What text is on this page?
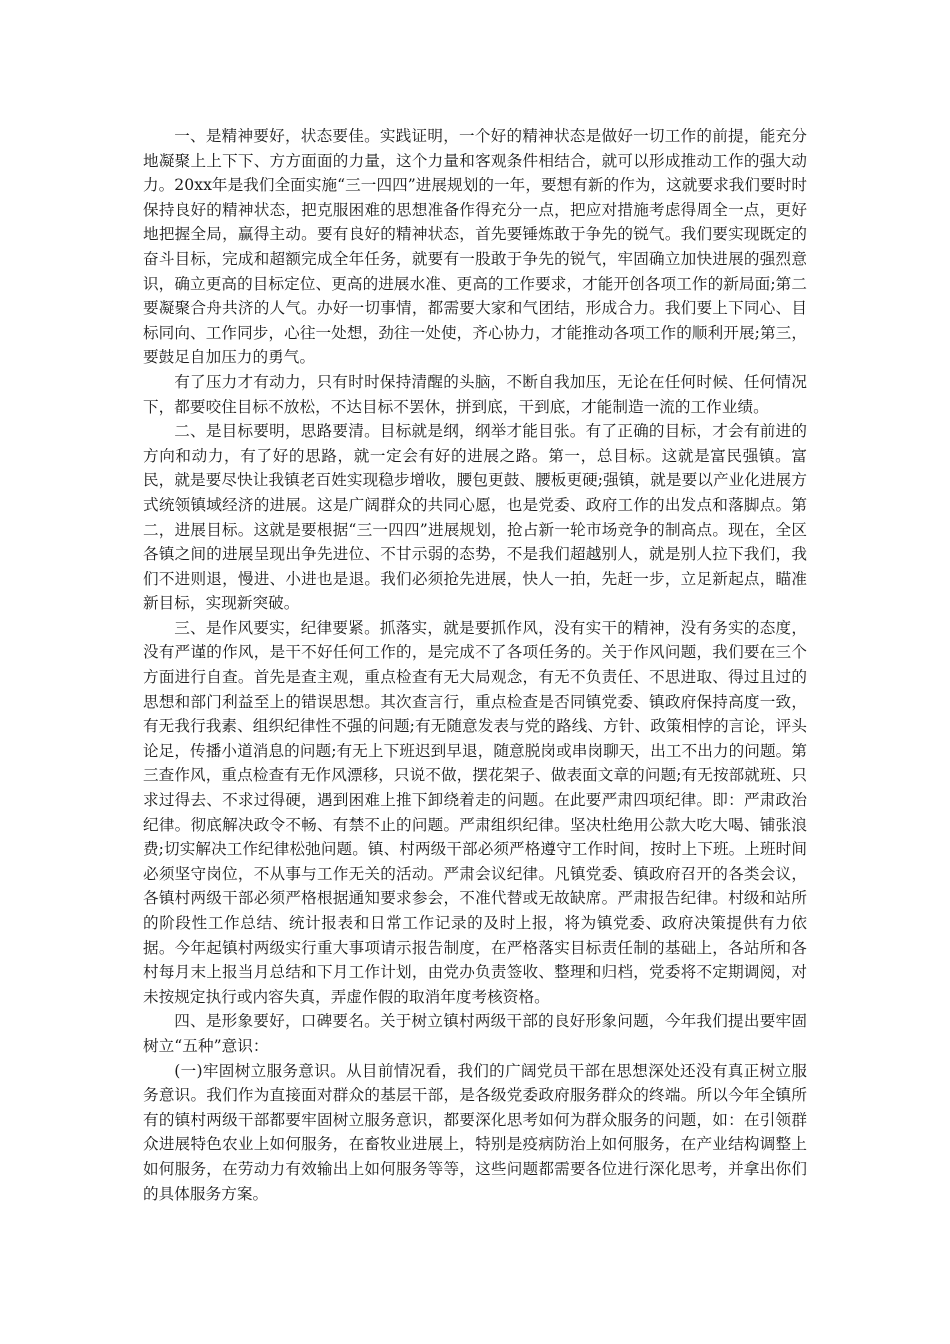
一、是精神要好，状态要佳。实践证明，一个好的精神状态是做好一切工作的前提，能充分地凝聚上上下下、方方面面的力量，这个力量和客观条件相结合，就可以形成推动工作的强大动力。20xx年是我们全面实施“三一四四”进展规划的一年，要想有新的作为，这就要求我们要时时保持良好的精神状态，把克服困难的思想准备作得充分一点，把应对措施考虑得周全一点，更好地把握全局，赢得主动。要有良好的精神状态，首先要锤炼敢于争先的锐气。我们要实现既定的奋斗目标，完成和超额完成全年任务，就要有一股敢于争先的锐气，牢固确立加快进展的强烈意识，确立更高的目标定位、更高的进展水准、更高的工作要求，才能开创各项工作的新局面;第二要凝聚合舟共济的人气。办好一切事情，都需要大家和气团结，形成合力。我们要上下同心、目标同向、工作同步，心往一处想，劲往一处使，齐心协力，才能推动各项工作的顺利开展;第三，要鼓足自加压力的勇气。

有了压力才有动力，只有时时保持清醒的头脑，不断自我加压，无论在任何时候、任何情况下，都要咬住目标不放松，不达目标不罢休，拼到底，干到底，才能制造一流的工作业绩。

二、是目标要明，思路要清。目标就是纲，纲举才能目张。有了正确的目标，才会有前进的方向和动力，有了好的思路，就一定会有好的进展之路。第一，总目标。这就是富民强镇。富民，就是要尽快让我镇老百姓实现稳步增收，腰包更鼓、腰板更硬;强镇，就是要以产业化进展方式统领镇域经济的进展。这是广阔群众的共同心愿，也是党委、政府工作的出发点和落脚点。第二，进展目标。这就是要根据“三一四四”进展规划，抢占新一轮市场竞争的制高点。现在，全区各镇之间的进展呈现出争先进位、不甘示弱的态势，不是我们超越别人，就是别人拉下我们，我们不进则退，慢进、小进也是退。我们必须抢先进展，快人一拍，先赶一步，立足新起点，瞄准新目标，实现新突破。

三、是作风要实，纪律要紧。抓落实，就是要抓作风，没有实干的精神，没有务实的态度，没有严谨的作风，是干不好任何工作的，是完成不了各项任务的。关于作风问题，我们要在三个方面进行自查。首先是查主观，重点检查有无大局观念，有无不负责任、不思进取、得过且过的思想和部门利益至上的错误思想。其次查言行，重点检查是否同镇党委、镇政府保持高度一致，有无我行我素、组织纪律性不强的问题;有无随意发表与党的路线、方针、政策相悖的言论，评头论足，传播小道消息的问题;有无上下班迟到早退，随意脱岗或串岗聊天，出工不出力的问题。第三查作风，重点检查有无作风漂移，只说不做，摆花架子、做表面文章的问题;有无按部就班、只求过得去、不求过得硬，遇到困难上推下卸绕着走的问题。在此要严肃四项纪律。即：严肃政治纪律。彻底解决政令不畅、有禁不止的问题。严肃组织纪律。坚决杜绝用公款大吃大喝、铺张浪费;切实解决工作纪律松弛问题。镇、村两级干部必须严格遵守工作时间，按时上下班。上班时间必须坚守岗位，不从事与工作无关的活动。严肃会议纪律。凡镇党委、镇政府召开的各类会议，各镇村两级干部必须严格根据通知要求参会，不准代替或无故缺席。严肃报告纪律。村级和站所的阶段性工作总结、统计报表和日常工作记录的及时上报，将为镇党委、政府决策提供有力依据。今年起镇村两级实行重大事项请示报告制度，在严格落实目标责任制的基础上，各站所和各村每月末上报当月总结和下月工作计划，由党办负责签收、整理和归档，党委将不定期调阅，对未按规定执行或内容失真，弄虚作假的取消年度考核资格。

四、是形象要好，口碑要名。关于树立镇村两级干部的良好形象问题，今年我们提出要牢固树立“五种”意识：

(一)牢固树立服务意识。从目前情况看，我们的广阔党员干部在思想深处还没有真正树立服务意识。我们作为直接面对群众的基层干部，是各级党委政府服务群众的终端。所以今年全镇所有的镇村两级干部都要牢固树立服务意识，都要深化思考如何为群众服务的问题，如：在引领群众进展特色农业上如何服务，在畜牧业进展上，特别是疫病防治上如何服务，在产业结构调整上如何服务，在劳动力有效输出上如何服务等等，这些问题都需要各位进行深化思考，并拿出你们的具体服务方案。
